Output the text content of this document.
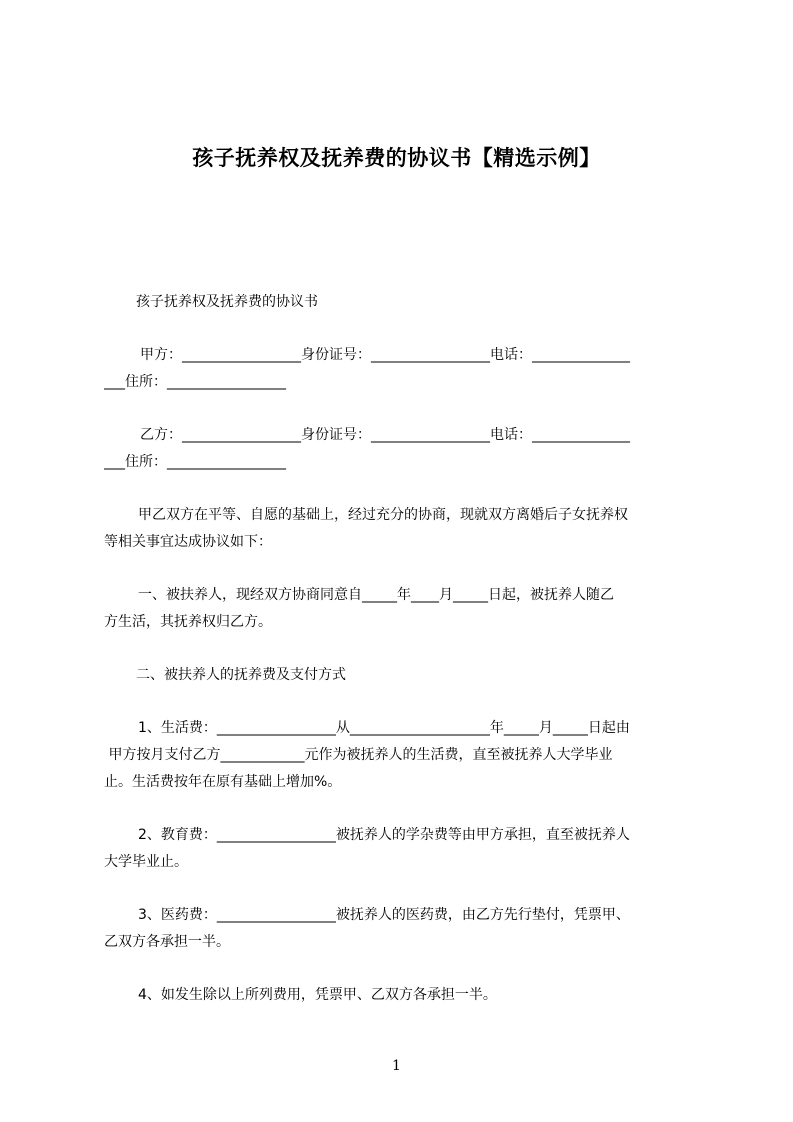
孩子抚养权及抚养费的协议书【精选示例】
孩子抚养权及抚养费的协议书
甲方：_________________身份证号：_________________电话：______________
___住所：_________________
乙方：_________________身份证号：_________________电话：______________
___住所：_________________
甲乙双方在平等、自愿的基础上，经过充分的协商，现就双方离婚后子女抚养权
等相关事宜达成协议如下：
一、被扶养人，现经双方协商同意自_____年____月_____日起，被抚养人随乙
方生活，其抚养权归乙方。
二、被扶养人的抚养费及支付方式
1、生活费：_________________从____________________年_____月_____日起由
甲方按月支付乙方____________元作为被抚养人的生活费，直至被抚养人大学毕业
止。生活费按年在原有基础上增加%。
2、教育费：_________________被抚养人的学杂费等由甲方承担，直至被抚养人
大学毕业止。
3、医药费：_________________被抚养人的医药费，由乙方先行垫付，凭票甲、
乙双方各承担一半。
4、如发生除以上所列费用，凭票甲、乙双方各承担一半。
1
